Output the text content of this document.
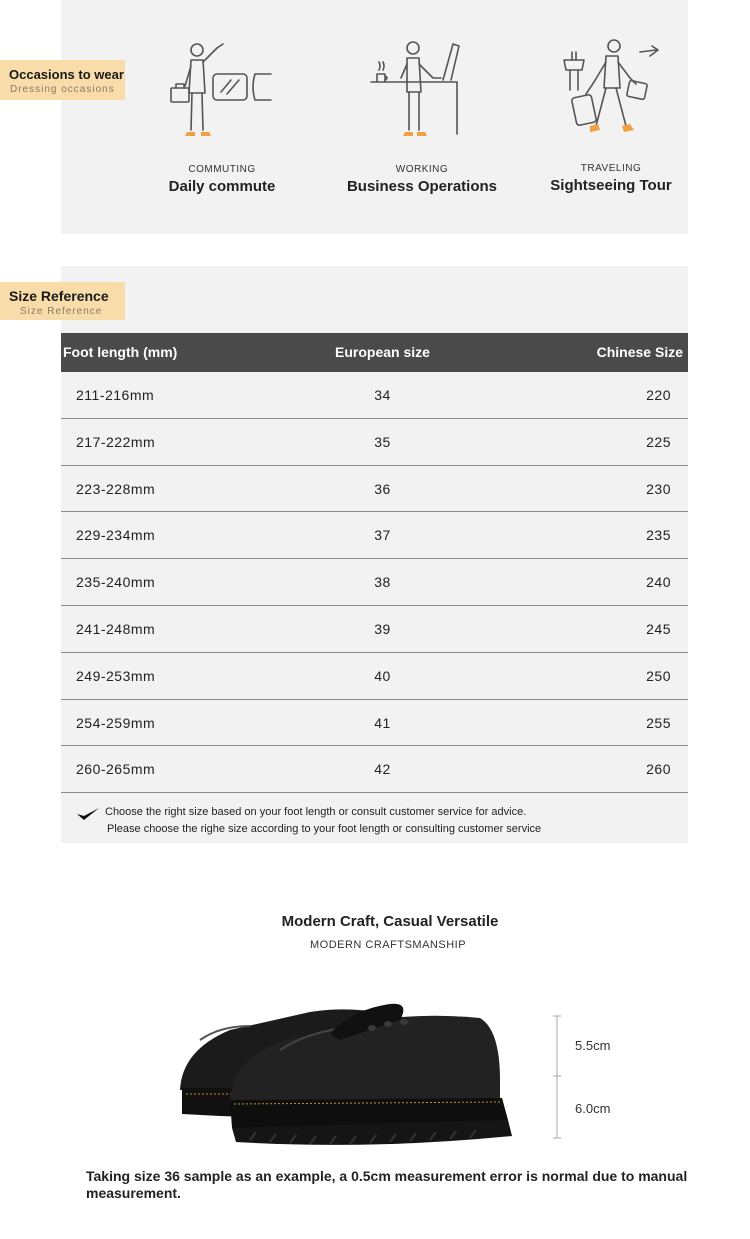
Occasions to wear
Dressing occasions
COMMUTING
Daily commute
WORKING
Business Operations
TRAVELING
Sightseeing Tour
Size Reference
Size Reference
Foot length (mm)	European size	Chinese Size
211-216mm	34	220
217-222mm	35	225
223-228mm	36	230
229-234mm	37	235
235-240mm	38	240
241-248mm	39	245
249-253mm	40	250
254-259mm	41	255
260-265mm	42	260
Choose the right size based on your foot length or consult customer service for advice.
Please choose the righe size according to your foot length or consulting customer service
Modern Craft, Casual Versatile
MODERN CRAFTSMANSHIP
5.5cm
6.0cm
Taking size 36 sample as an example, a 0.5cm measurement error is normal due to manual measurement.
